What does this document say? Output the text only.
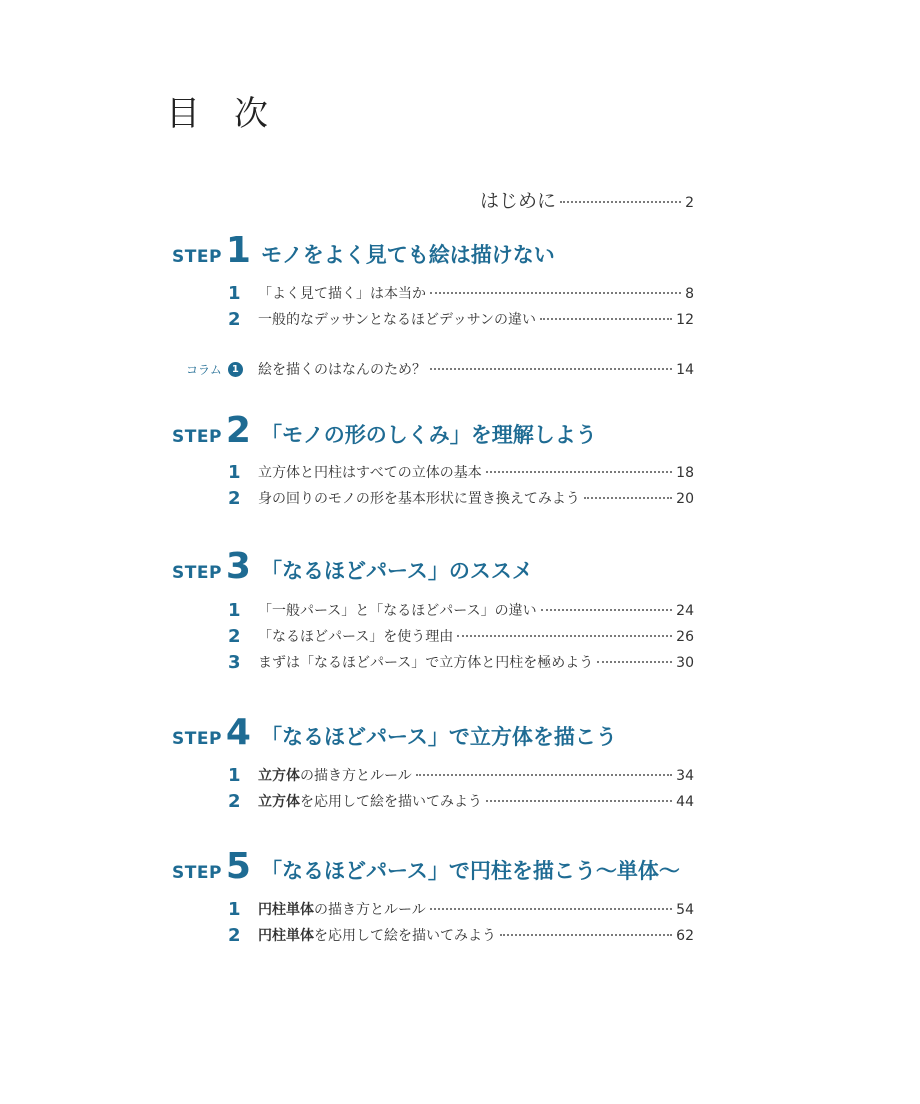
目次
はじめに	2
STEP 1 モノをよく見ても絵は描けない
1 「よく見て描く」は本当か	8
2 一般的なデッサンとなるほどデッサンの違い	12
コラム	1 絵を描くのはなんのため？	14
STEP 2 「モノの形のしくみ」を理解しよう
1 立方体と円柱はすべての立体の基本	18
2 身の回りのモノの形を基本形状に置き換えてみよう	20
STEP 3 「なるほどパース」のススメ
1 「一般パース」と「なるほどパース」の違い	24
2 「なるほどパース」を使う理由	26
3 まずは「なるほどパース」で立方体と円柱を極めよう	30
STEP 4 「なるほどパース」で立方体を描こう
1 立方体の描き方とルール	34
2 立方体を応用して絵を描いてみよう	44
STEP 5 「なるほどパース」で円柱を描こう～単体～
1 円柱単体の描き方とルール	54
2 円柱単体を応用して絵を描いてみよう	62
